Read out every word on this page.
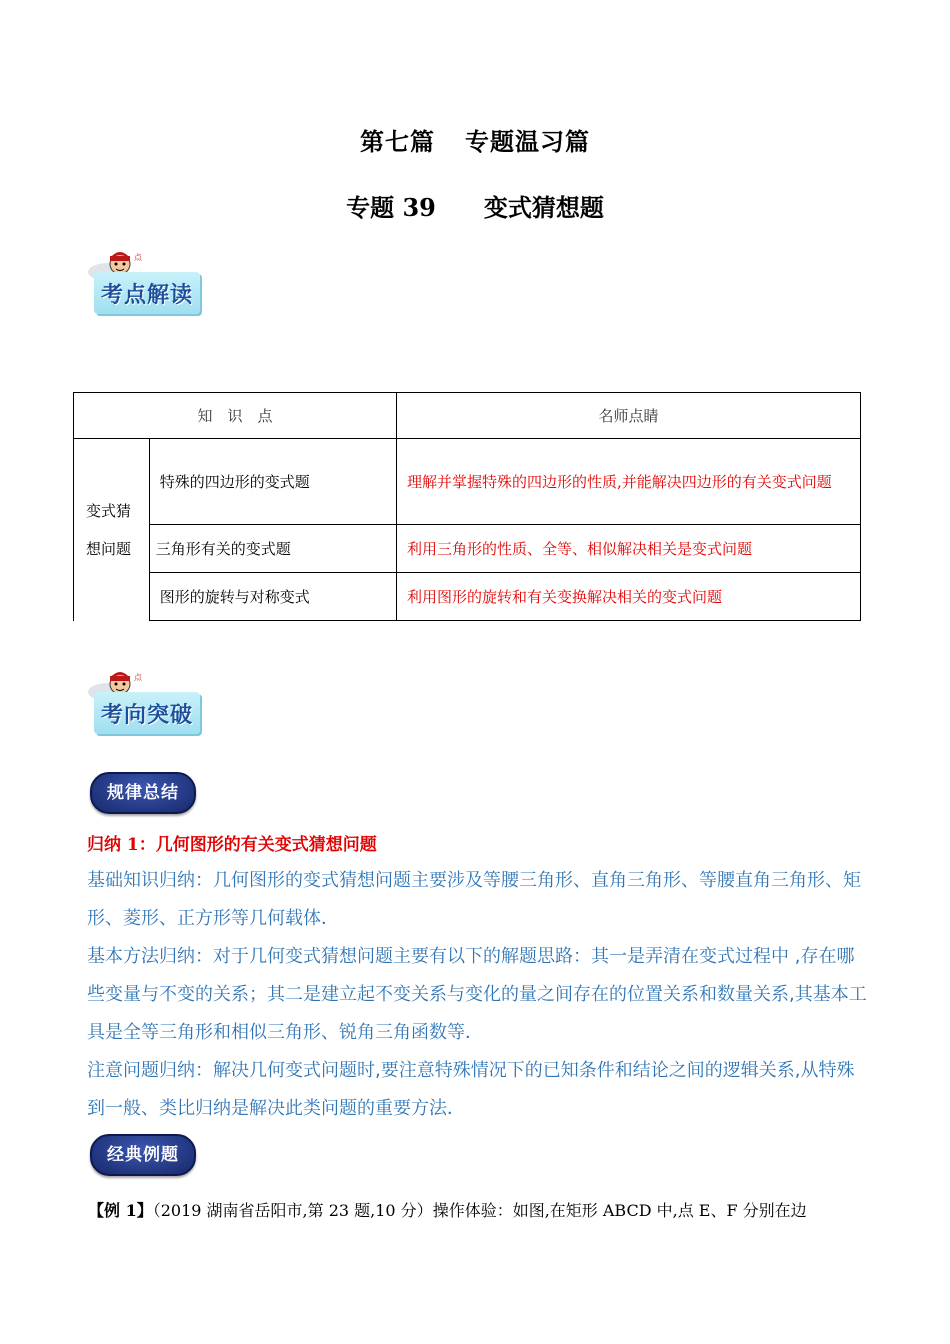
第七篇 专题温习篇
专题 39 变式猜想题
点
考点解读
知　识　点		名师点睛
变式猜想问题	特殊的四边形的变式题	理解并掌握特殊的四边形的性质,并能解决四边形的有关变式问题
	三角形有关的变式题	利用三角形的性质、全等、相似解决相关是变式问题
	图形的旋转与对称变式	利用图形的旋转和有关变换解决相关的变式问题
点
考向突破
规律总结
归纳 1：几何图形的有关变式猜想问题
基础知识归纳：几何图形的变式猜想问题主要涉及等腰三角形、直角三角形、等腰直角三角形、矩形、菱形、正方形等几何载体．
基本方法归纳：对于几何变式猜想问题主要有以下的解题思路：其一是弄清在变式过程中 ,存在哪些变量与不变的关系；其二是建立起不变关系与变化的量之间存在的位置关系和数量关系,其基本工具是全等三角形和相似三角形、锐角三角函数等．
注意问题归纳：解决几何变式问题时,要注意特殊情况下的已知条件和结论之间的逻辑关系,从特殊到一般、类比归纳是解决此类问题的重要方法．
经典例题
【例 1】（2019 湖南省岳阳市,第 23 题,10 分）操作体验：如图,在矩形 ABCD 中,点 E、F 分别在边
